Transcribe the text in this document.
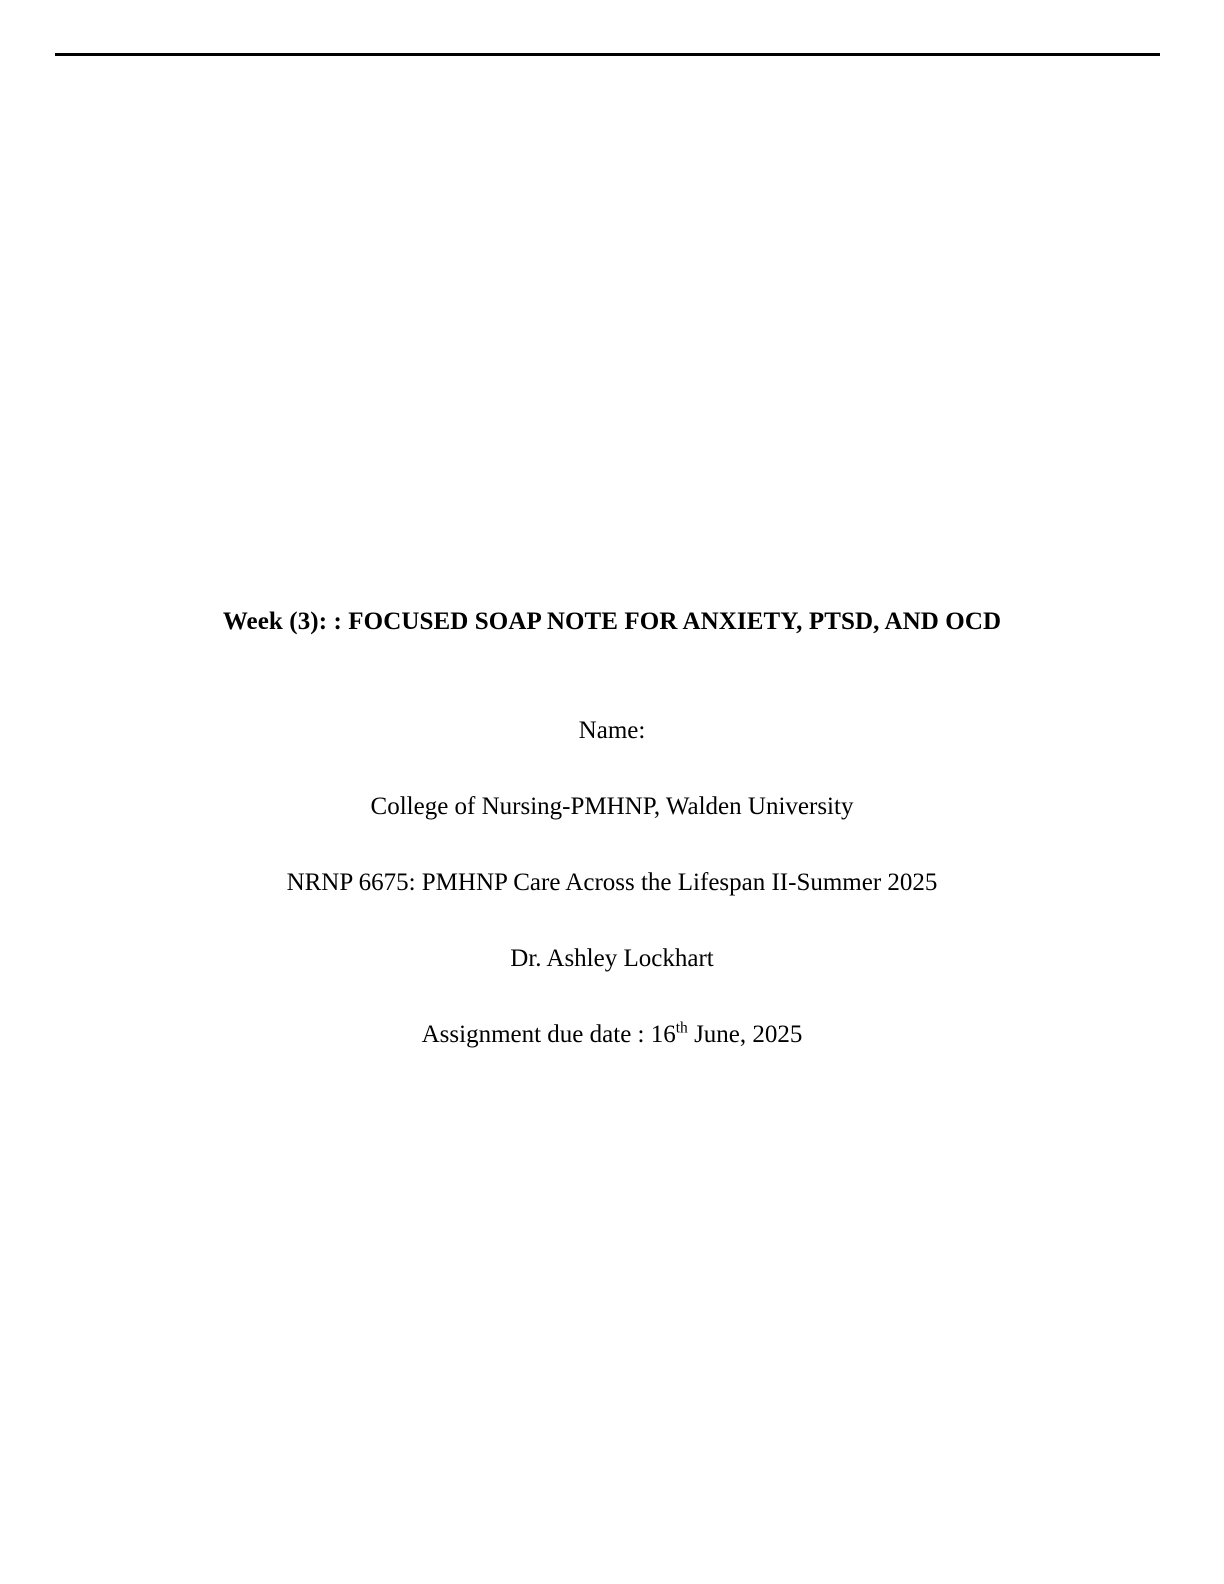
Week (3): : FOCUSED SOAP NOTE FOR ANXIETY, PTSD, AND OCD
Name:
College of Nursing-PMHNP, Walden University
NRNP 6675: PMHNP Care Across the Lifespan II-Summer 2025
Dr. Ashley Lockhart
Assignment due date : 16th June, 2025
